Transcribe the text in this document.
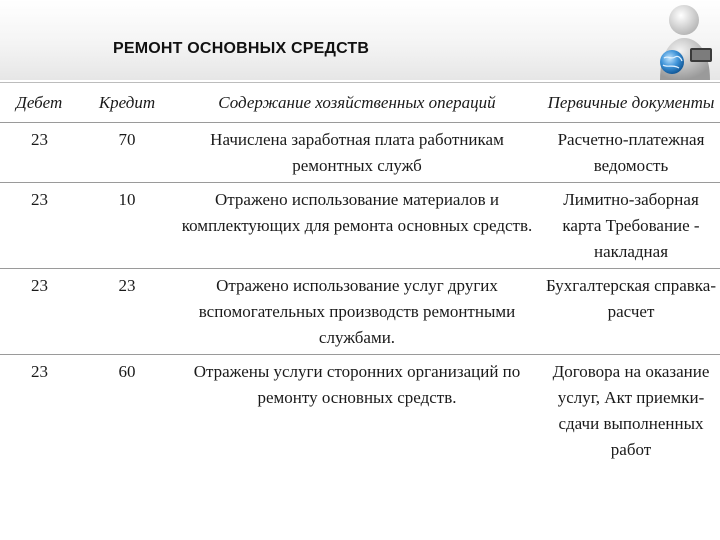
РЕМОНТ ОСНОВНЫХ СРЕДСТВ
Дебет	Кредит	Содержание хозяйственных операций	Первичные документы
23	70	Начислена заработная плата работникам ремонтных служб	Расчетно-платежная ведомость
23	10	Отражено использование материалов и комплектующих для ремонта основных средств.	Лимитно-заборная карта Требование - накладная
23	23	Отражено использование услуг других вспомогательных производств ремонтными службами.	Бухгалтерская справка-расчет
23	60	Отражены услуги сторонних организаций по ремонту основных средств.	Договора на оказание услуг, Акт приемки-сдачи выполненных работ
